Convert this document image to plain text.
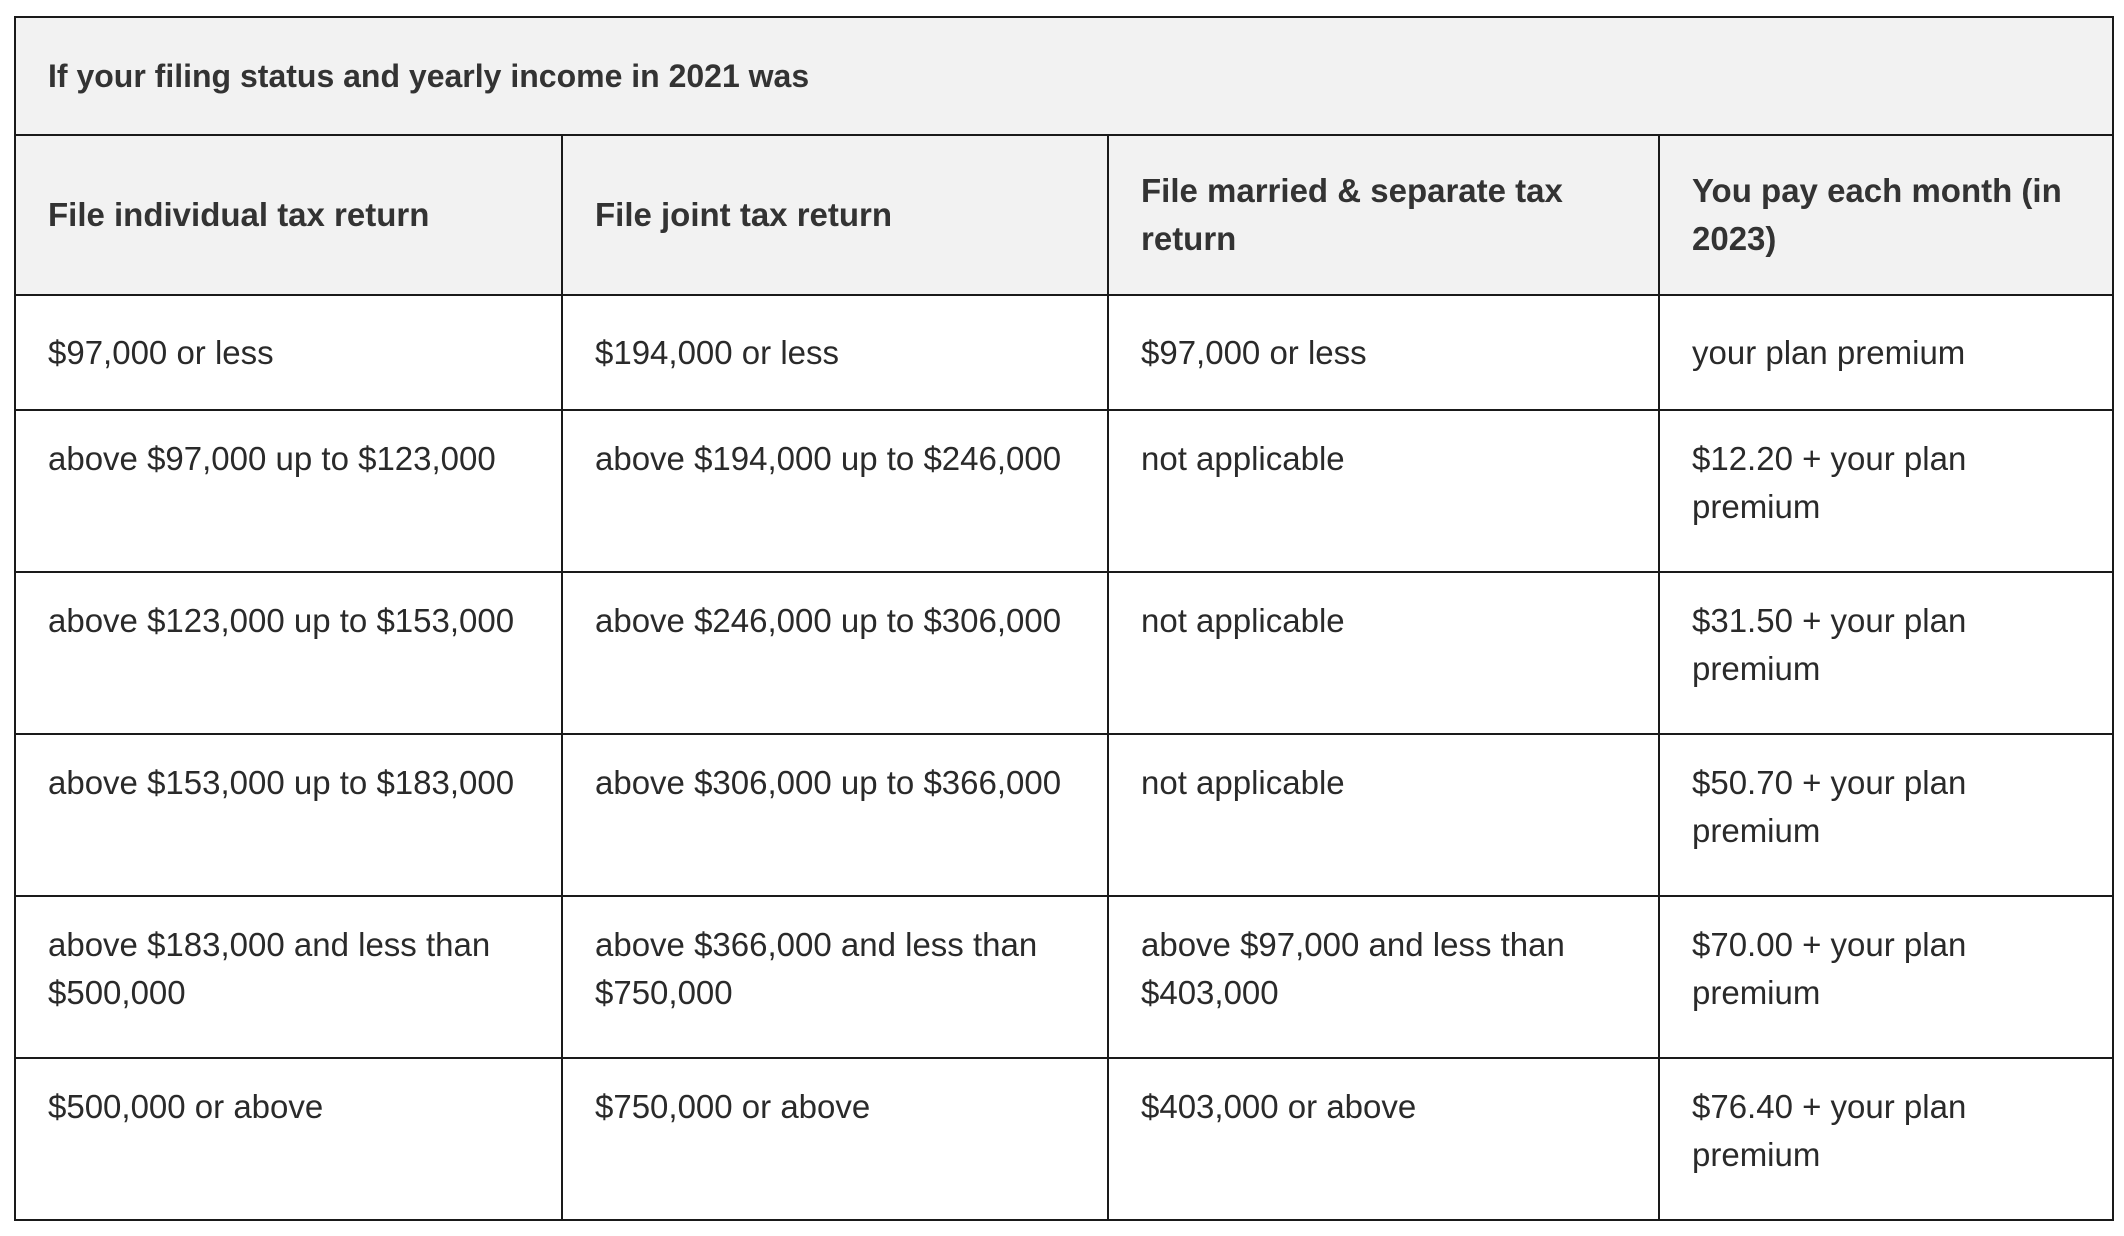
If your filing status and yearly income in 2021 was			
File individual tax return	File joint tax return	File married & separate tax return	You pay each month (in 2023)
$97,000 or less	$194,000 or less	$97,000 or less	your plan premium
above $97,000 up to $123,000	above $194,000 up to $246,000	not applicable	$12.20 + your plan premium
above $123,000 up to $153,000	above $246,000 up to $306,000	not applicable	$31.50 + your plan premium
above $153,000 up to $183,000	above $306,000 up to $366,000	not applicable	$50.70 + your plan premium
above $183,000 and less than $500,000	above $366,000 and less than $750,000	above $97,000 and less than $403,000	$70.00 + your plan premium
$500,000 or above	$750,000 or above	$403,000 or above	$76.40 + your plan premium
